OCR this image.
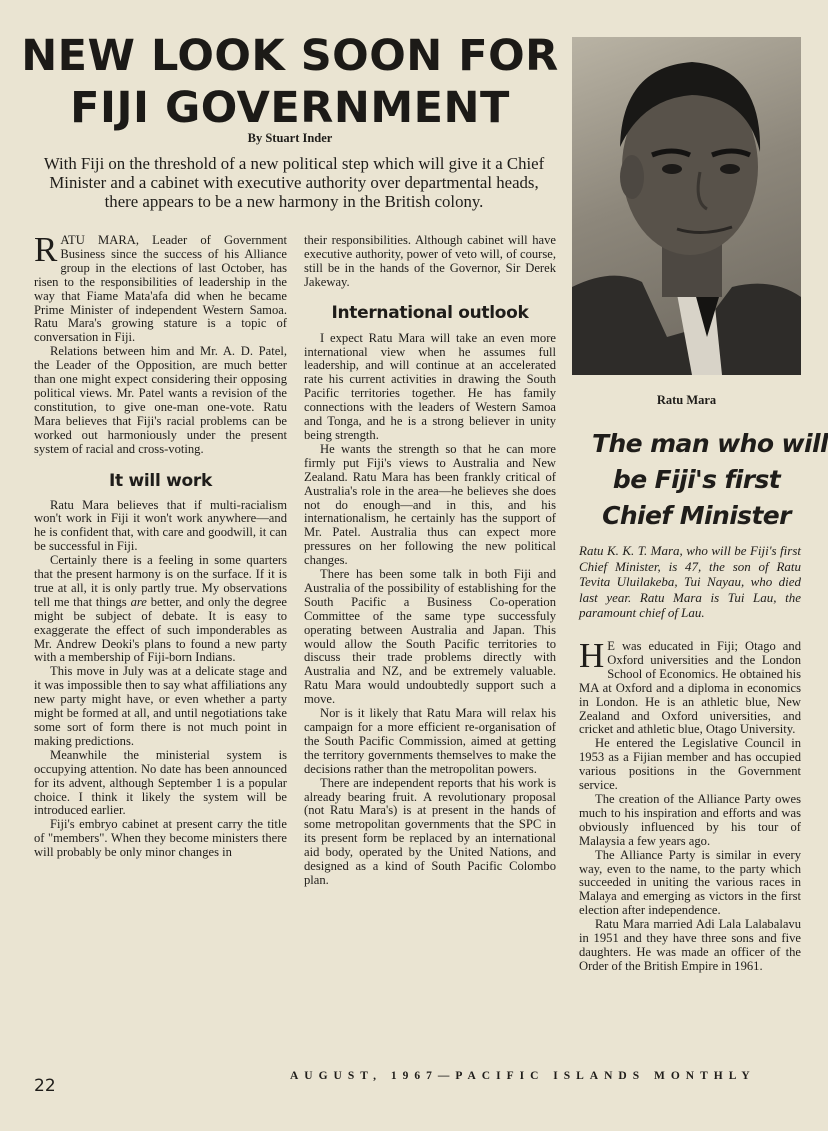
NEW LOOK SOON FOR
FIJI GOVERNMENT
By Stuart Inder
With Fiji on the threshold of a new political step which will give it a Chief Minister and a cabinet with executive authority over departmental heads, there appears to be a new harmony in the British colony.

RATU MARA, Leader of Government Business since the success of his Alliance group in the elections of last October, has risen to the responsibilities of leadership in the way that Fiame Mata'afa did when he became Prime Minister of independent Western Samoa. Ratu Mara's growing stature is a topic of conversation in Fiji.

Relations between him and Mr. A. D. Patel, the Leader of the Opposition, are much better than one might expect considering their opposing political views. Mr. Patel wants a revision of the constitution, to give one-man one-vote. Ratu Mara believes that Fiji's racial problems can be worked out harmoniously under the present system of racial and cross-voting.

It will work

Ratu Mara believes that if multi-racialism won't work in Fiji it won't work anywhere—and he is confident that, with care and goodwill, it can be successful in Fiji.

Certainly there is a feeling in some quarters that the present harmony is on the surface. If it is true at all, it is only partly true. My observations tell me that things are better, and only the degree might be subject of debate. It is easy to exaggerate the effect of such imponderables as Mr. Andrew Deoki's plans to found a new party with a membership of Fiji-born Indians.

This move in July was at a delicate stage and it was impossible then to say what affiliations any new party might have, or even whether a party might be formed at all, and until negotiations take some sort of form there is not much point in making predictions.

Meanwhile the ministerial system is occupying attention. No date has been announced for its advent, although September 1 is a popular choice. I think it likely the system will be introduced earlier.

Fiji's embryo cabinet at present carry the title of "members". When they become ministers there will probably be only minor changes in

their responsibilities. Although cabinet will have executive authority, power of veto will, of course, still be in the hands of the Governor, Sir Derek Jakeway.

International outlook

I expect Ratu Mara will take an even more international view when he assumes full leadership, and will continue at an accelerated rate his current activities in drawing the South Pacific territories together. He has family connections with the leaders of Western Samoa and Tonga, and he is a strong believer in unity being strength.

He wants the strength so that he can more firmly put Fiji's views to Australia and New Zealand. Ratu Mara has been frankly critical of Australia's role in the area—he believes she does not do enough—and in this, and his internationalism, he certainly has the support of Mr. Patel. Australia thus can expect more pressures on her following the new political changes.

There has been some talk in both Fiji and Australia of the possibility of establishing for the South Pacific a Business Co-operation Committee of the same type successfuly operating between Australia and Japan. This would allow the South Pacific territories to discuss their trade problems directly with Australia and NZ, and be extremely valuable. Ratu Mara would undoubtedly support such a move.

Nor is it likely that Ratu Mara will relax his campaign for a more efficient re-organisation of the South Pacific Commission, aimed at getting the territory governments themselves to make the decisions rather than the metropolitan powers.

There are independent reports that his work is already bearing fruit. A revolutionary proposal (not Ratu Mara's) is at present in the hands of some metropolitan governments that the SPC in its present form be replaced by an international aid body, operated by the United Nations, and designed as a kind of South Pacific Colombo plan.

Ratu Mara
The man who will
be Fiji's first
Chief Minister
Ratu K. K. T. Mara, who will be Fiji's first Chief Minister, is 47, the son of Ratu Tevita Uluilakeba, Tui Nayau, who died last year. Ratu Mara is Tui Lau, the paramount chief of Lau.

H E was educated in Fiji; Otago and Oxford universities and the London School of Economics. He obtained his MA at Oxford and a diploma in economics in London. He is an athletic blue, New Zealand and Oxford universities, and cricket and athletic blue, Otago University.

He entered the Legislative Council in 1953 as a Fijian member and has occupied various positions in the Government service.

The creation of the Alliance Party owes much to his inspiration and efforts and was obviously influenced by his tour of Malaysia a few years ago.

The Alliance Party is similar in every way, even to the name, to the party which succeeded in uniting the various races in Malaya and emerging as victors in the first election after independence.

Ratu Mara married Adi Lala Lalabalavu in 1951 and they have three sons and five daughters. He was made an officer of the Order of the British Empire in 1961.

22	AUGUST, 1967—PACIFIC ISLANDS MONTHLY
